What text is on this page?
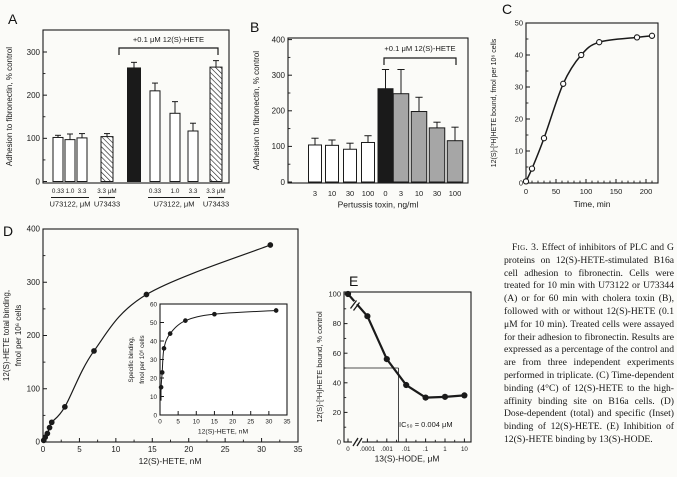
0
100
200
300
0.33 1.0 3.3 3.3 μM	0.33 1.0 3.3 3.3 μM
U73122, μM U73433	U73122, μM U73433
+0.1 μM 12(S)-HETE
Adhesion to fibronectin, % control
0
100
200
300
400
3 10 30 100 0 3 10 30 100
+0.1 μM 12(S)-HETE
Adhesion to fibronectin, % control
Pertussis toxin, ng/ml
0	50	100 150 200
0
10
20
30
40
50
Time, min
12(S)-[³H]HETE bound, fmol per 10⁶ cells
0	5	10	15	20	25	30	35
0
100
200
300
400
12(S)-HETE, nM
12(S)-HETE total binding, fmol per 10⁶ cells
0 5 10 15 20 25 30 35
0
10
20
30
40
50
60
12(S)-HETE, nM
Specific binding, fmol per 10⁶ cells
0
20
40
60
80
100
0 .0001 .001 .01 .1 1 10
IC₅₀ = 0.004 μM
13(S)-HODE, μM
12(S)-[³H]HETE bound, % control
A	B
C
D
E
Fig. 3. Effect of inhibitors of PLC and G proteins on 12(S)-HETE-stimulated B16a cell adhesion to fibronectin. Cells were treated for 10 min with U73122 or U73344 (A) or for 60 min with cholera toxin (B), followed with or without 12(S)-HETE (0.1 μM for 10 min). Treated cells were assayed for their adhesion to fibronectin. Results are expressed as a percentage of the control and are from three independent experiments performed in triplicate. (C) Time-dependent binding (4°C) of 12(S)-HETE to the high-affinity binding site on B16a cells. (D) Dose-dependent (total) and specific (Inset) binding of 12(S)-HETE. (E) Inhibition of 12(S)-HETE binding by 13(S)-HODE.
